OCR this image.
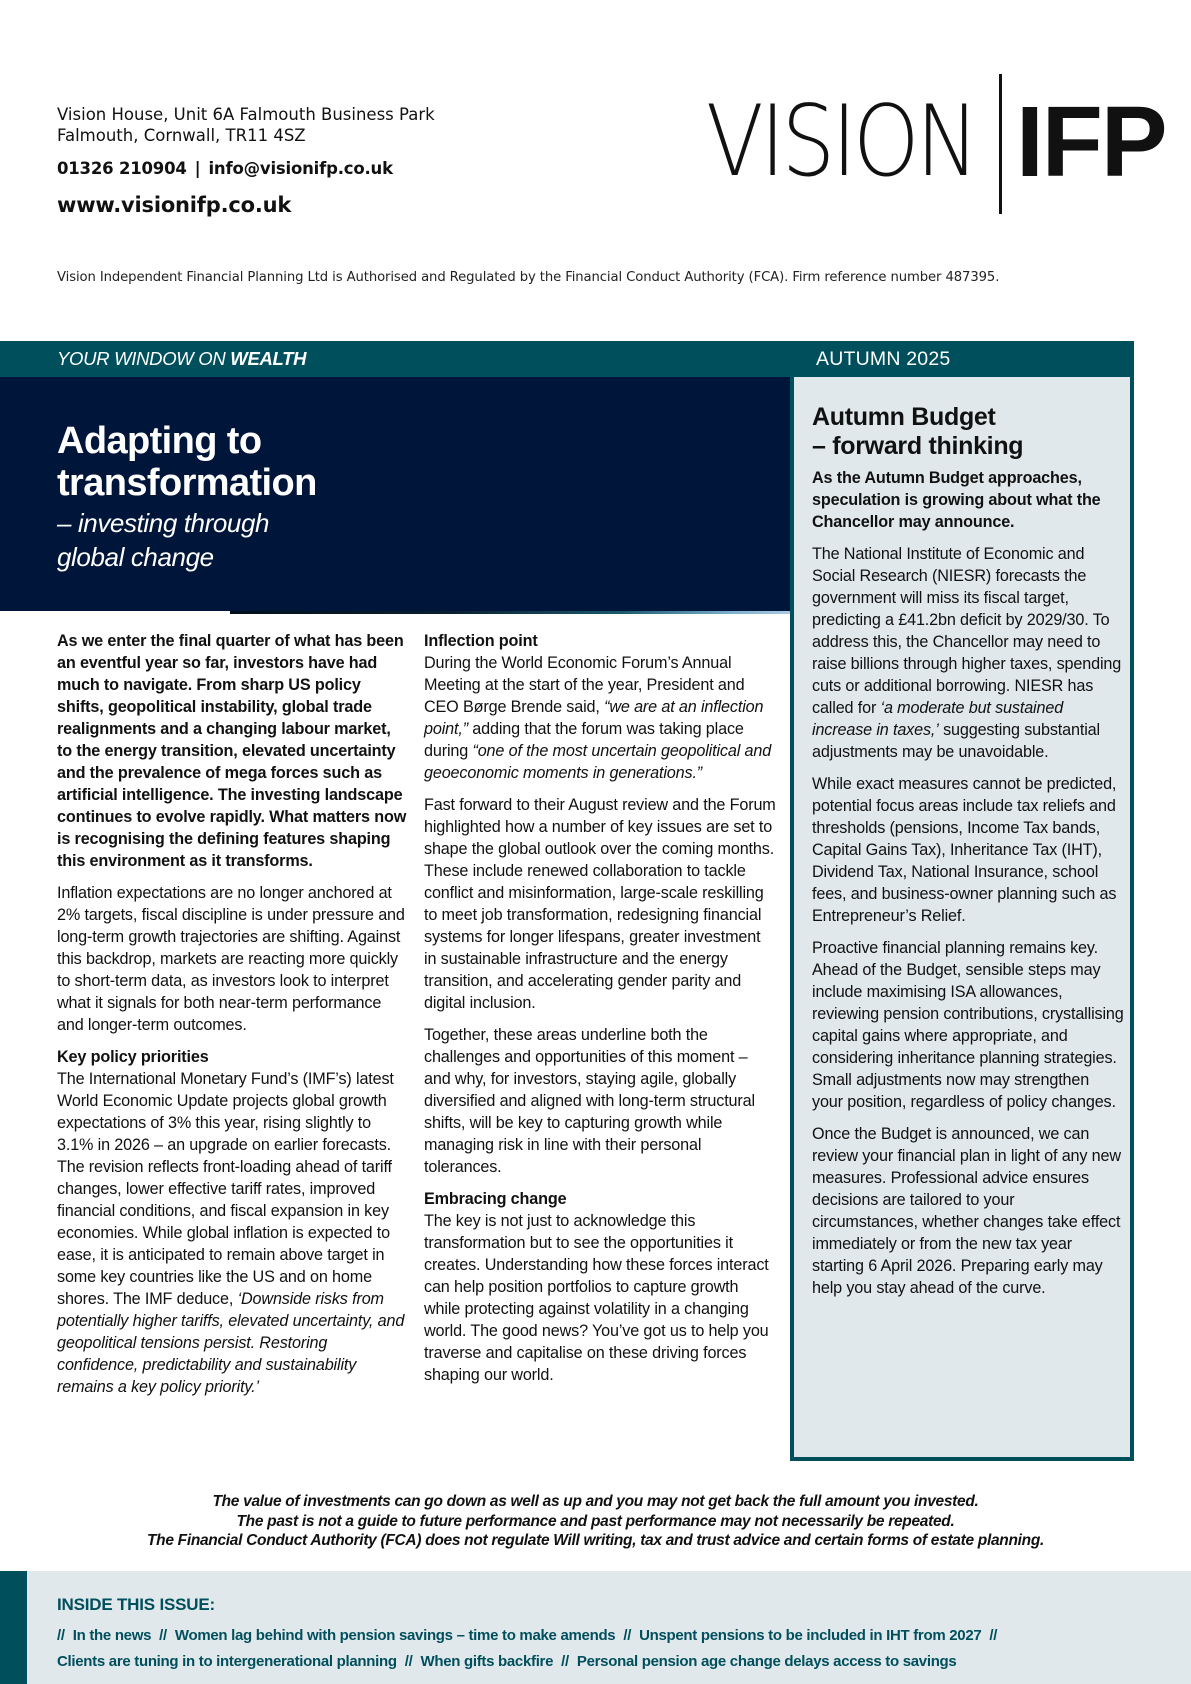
Vision House, Unit 6A Falmouth Business Park
Falmouth, Cornwall, TR11 4SZ
01326 210904 | info@visionifp.co.uk
www.visionifp.co.uk
VISION IFP
Vision Independent Financial Planning Ltd is Authorised and Regulated by the Financial Conduct Authority (FCA). Firm reference number 487395.
YOUR WINDOW ON WEALTH	AUTUMN 2025
Adapting to
transformation
– investing through
global change

As we enter the final quarter of what has been an eventful year so far, investors have had much to navigate. From sharp US policy shifts, geopolitical instability, global trade realignments and a changing labour market, to the energy transition, elevated uncertainty and the prevalence of mega forces such as artificial intelligence. The investing landscape continues to evolve rapidly. What matters now is recognising the defining features shaping this environment as it transforms.

Inflation expectations are no longer anchored at 2% targets, fiscal discipline is under pressure and long-term growth trajectories are shifting. Against this backdrop, markets are reacting more quickly to short-term data, as investors look to interpret what it signals for both near-term performance and longer-term outcomes.

Key policy priorities
The International Monetary Fund’s (IMF’s) latest World Economic Update projects global growth expectations of 3% this year, rising slightly to 3.1% in 2026 – an upgrade on earlier forecasts. The revision reflects front-loading ahead of tariff changes, lower effective tariff rates, improved financial conditions, and fiscal expansion in key economies. While global inflation is expected to ease, it is anticipated to remain above target in some key countries like the US and on home shores. The IMF deduce, ‘Downside risks from potentially higher tariffs, elevated uncertainty, and geopolitical tensions persist. Restoring confidence, predictability and sustainability remains a key policy priority.’

Inflection point
During the World Economic Forum’s Annual Meeting at the start of the year, President and CEO Børge Brende said, “we are at an inflection point,” adding that the forum was taking place during “one of the most uncertain geopolitical and geoeconomic moments in generations.”

Fast forward to their August review and the Forum highlighted how a number of key issues are set to shape the global outlook over the coming months. These include renewed collaboration to tackle conflict and misinformation, large-scale reskilling to meet job transformation, redesigning financial systems for longer lifespans, greater investment in sustainable infrastructure and the energy transition, and accelerating gender parity and digital inclusion.

Together, these areas underline both the challenges and opportunities of this moment – and why, for investors, staying agile, globally diversified and aligned with long-term structural shifts, will be key to capturing growth while managing risk in line with their personal tolerances.

Embracing change
The key is not just to acknowledge this transformation but to see the opportunities it creates. Understanding how these forces interact can help position portfolios to capture growth while protecting against volatility in a changing world. The good news? You’ve got us to help you traverse and capitalise on these driving forces shaping our world.

Autumn Budget
– forward thinking

As the Autumn Budget approaches, speculation is growing about what the Chancellor may announce.

The National Institute of Economic and Social Research (NIESR) forecasts the government will miss its fiscal target, predicting a £41.2bn deficit by 2029/30. To address this, the Chancellor may need to raise billions through higher taxes, spending cuts or additional borrowing. NIESR has called for ‘a moderate but sustained increase in taxes,’ suggesting substantial adjustments may be unavoidable.

While exact measures cannot be predicted, potential focus areas include tax reliefs and thresholds (pensions, Income Tax bands, Capital Gains Tax), Inheritance Tax (IHT), Dividend Tax, National Insurance, school fees, and business-owner planning such as Entrepreneur’s Relief.

Proactive financial planning remains key. Ahead of the Budget, sensible steps may include maximising ISA allowances, reviewing pension contributions, crystallising capital gains where appropriate, and considering inheritance planning strategies. Small adjustments now may strengthen your position, regardless of policy changes.

Once the Budget is announced, we can review your financial plan in light of any new measures. Professional advice ensures decisions are tailored to your circumstances, whether changes take effect immediately or from the new tax year starting 6 April 2026. Preparing early may help you stay ahead of the curve.

The value of investments can go down as well as up and you may not get back the full amount you invested.
The past is not a guide to future performance and past performance may not necessarily be repeated.
The Financial Conduct Authority (FCA) does not regulate Will writing, tax and trust advice and certain forms of estate planning.
INSIDE THIS ISSUE:
// In the news // Women lag behind with pension savings – time to make amends // Unspent pensions to be included in IHT from 2027 //
Clients are tuning in to intergenerational planning // When gifts backfire // Personal pension age change delays access to savings
